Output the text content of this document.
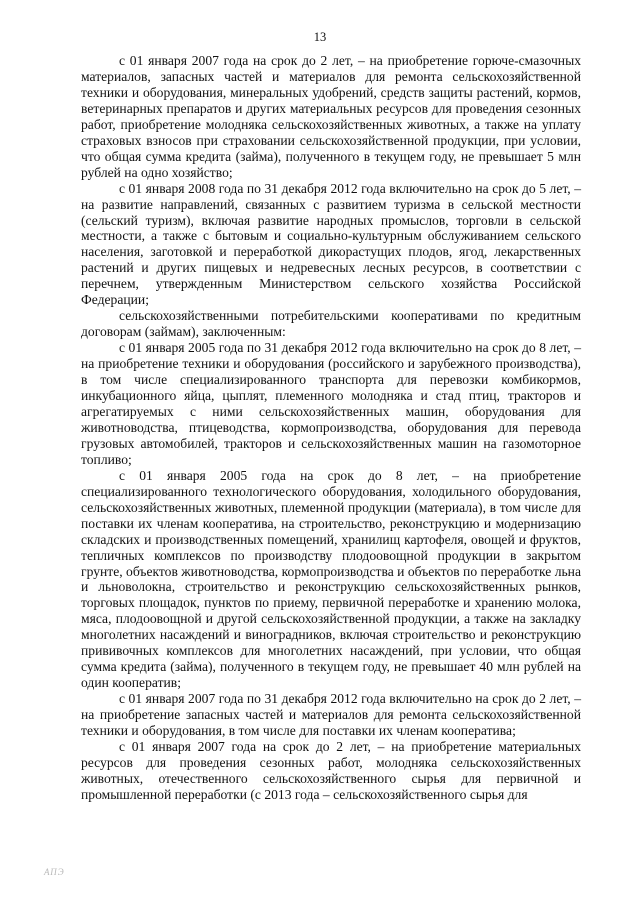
13

с 01 января 2007 года на срок до 2 лет, – на приобретение горюче-смазочных материалов, запасных частей и материалов для ремонта сельскохозяйственной техники и оборудования, минеральных удобрений, средств защиты растений, кормов, ветеринарных препаратов и других материальных ресурсов для проведения сезонных работ, приобретение молодняка сельскохозяйственных животных, а также на уплату страховых взносов при страховании сельскохозяйственной продукции, при условии, что общая сумма кредита (займа), полученного в текущем году, не превышает 5 млн рублей на одно хозяйство;

с 01 января 2008 года по 31 декабря 2012 года включительно на срок до 5 лет, – на развитие направлений, связанных с развитием туризма в сельской местности (сельский туризм), включая развитие народных промыслов, торговли в сельской местности, а также с бытовым и социально-культурным обслуживанием сельского населения, заготовкой и переработкой дикорастущих плодов, ягод, лекарственных растений и других пищевых и недревесных лесных ресурсов, в соответствии с перечнем, утвержденным Министерством сельского хозяйства Российской Федерации;

сельскохозяйственными потребительскими кооперативами по кредитным договорам (займам), заключенным:

с 01 января 2005 года по 31 декабря 2012 года включительно на срок до 8 лет, – на приобретение техники и оборудования (российского и зарубежного производства), в том числе специализированного транспорта для перевозки комбикормов, инкубационного яйца, цыплят, племенного молодняка и стад птиц, тракторов и агрегатируемых с ними сельскохозяйственных машин, оборудования для животноводства, птицеводства, кормопроизводства, оборудования для перевода грузовых автомобилей, тракторов и сельскохозяйственных машин на газомоторное топливо;

с 01 января 2005 года на срок до 8 лет, – на приобретение специализированного технологического оборудования, холодильного оборудования, сельскохозяйственных животных, племенной продукции (материала), в том числе для поставки их членам кооператива, на строительство, реконструкцию и модернизацию складских и производственных помещений, хранилищ картофеля, овощей и фруктов, тепличных комплексов по производству плодоовощной продукции в закрытом грунте, объектов животноводства, кормопроизводства и объектов по переработке льна и льноволокна, строительство и реконструкцию сельскохозяйственных рынков, торговых площадок, пунктов по приему, первичной переработке и хранению молока, мяса, плодоовощной и другой сельскохозяйственной продукции, а также на закладку многолетних насаждений и виноградников, включая строительство и реконструкцию прививочных комплексов для многолетних насаждений, при условии, что общая сумма кредита (займа), полученного в текущем году, не превышает 40 млн рублей на один кооператив;

с 01 января 2007 года по 31 декабря 2012 года включительно на срок до 2 лет, – на приобретение запасных частей и материалов для ремонта сельскохозяйственной техники и оборудования, в том числе для поставки их членам кооператива;

с 01 января 2007 года на срок до 2 лет, – на приобретение материальных ресурсов для проведения сезонных работ, молодняка сельскохозяйственных животных, отечественного сельскохозяйственного сырья для первичной и промышленной переработки (с 2013 года – сельскохозяйственного сырья для

АПЭ
